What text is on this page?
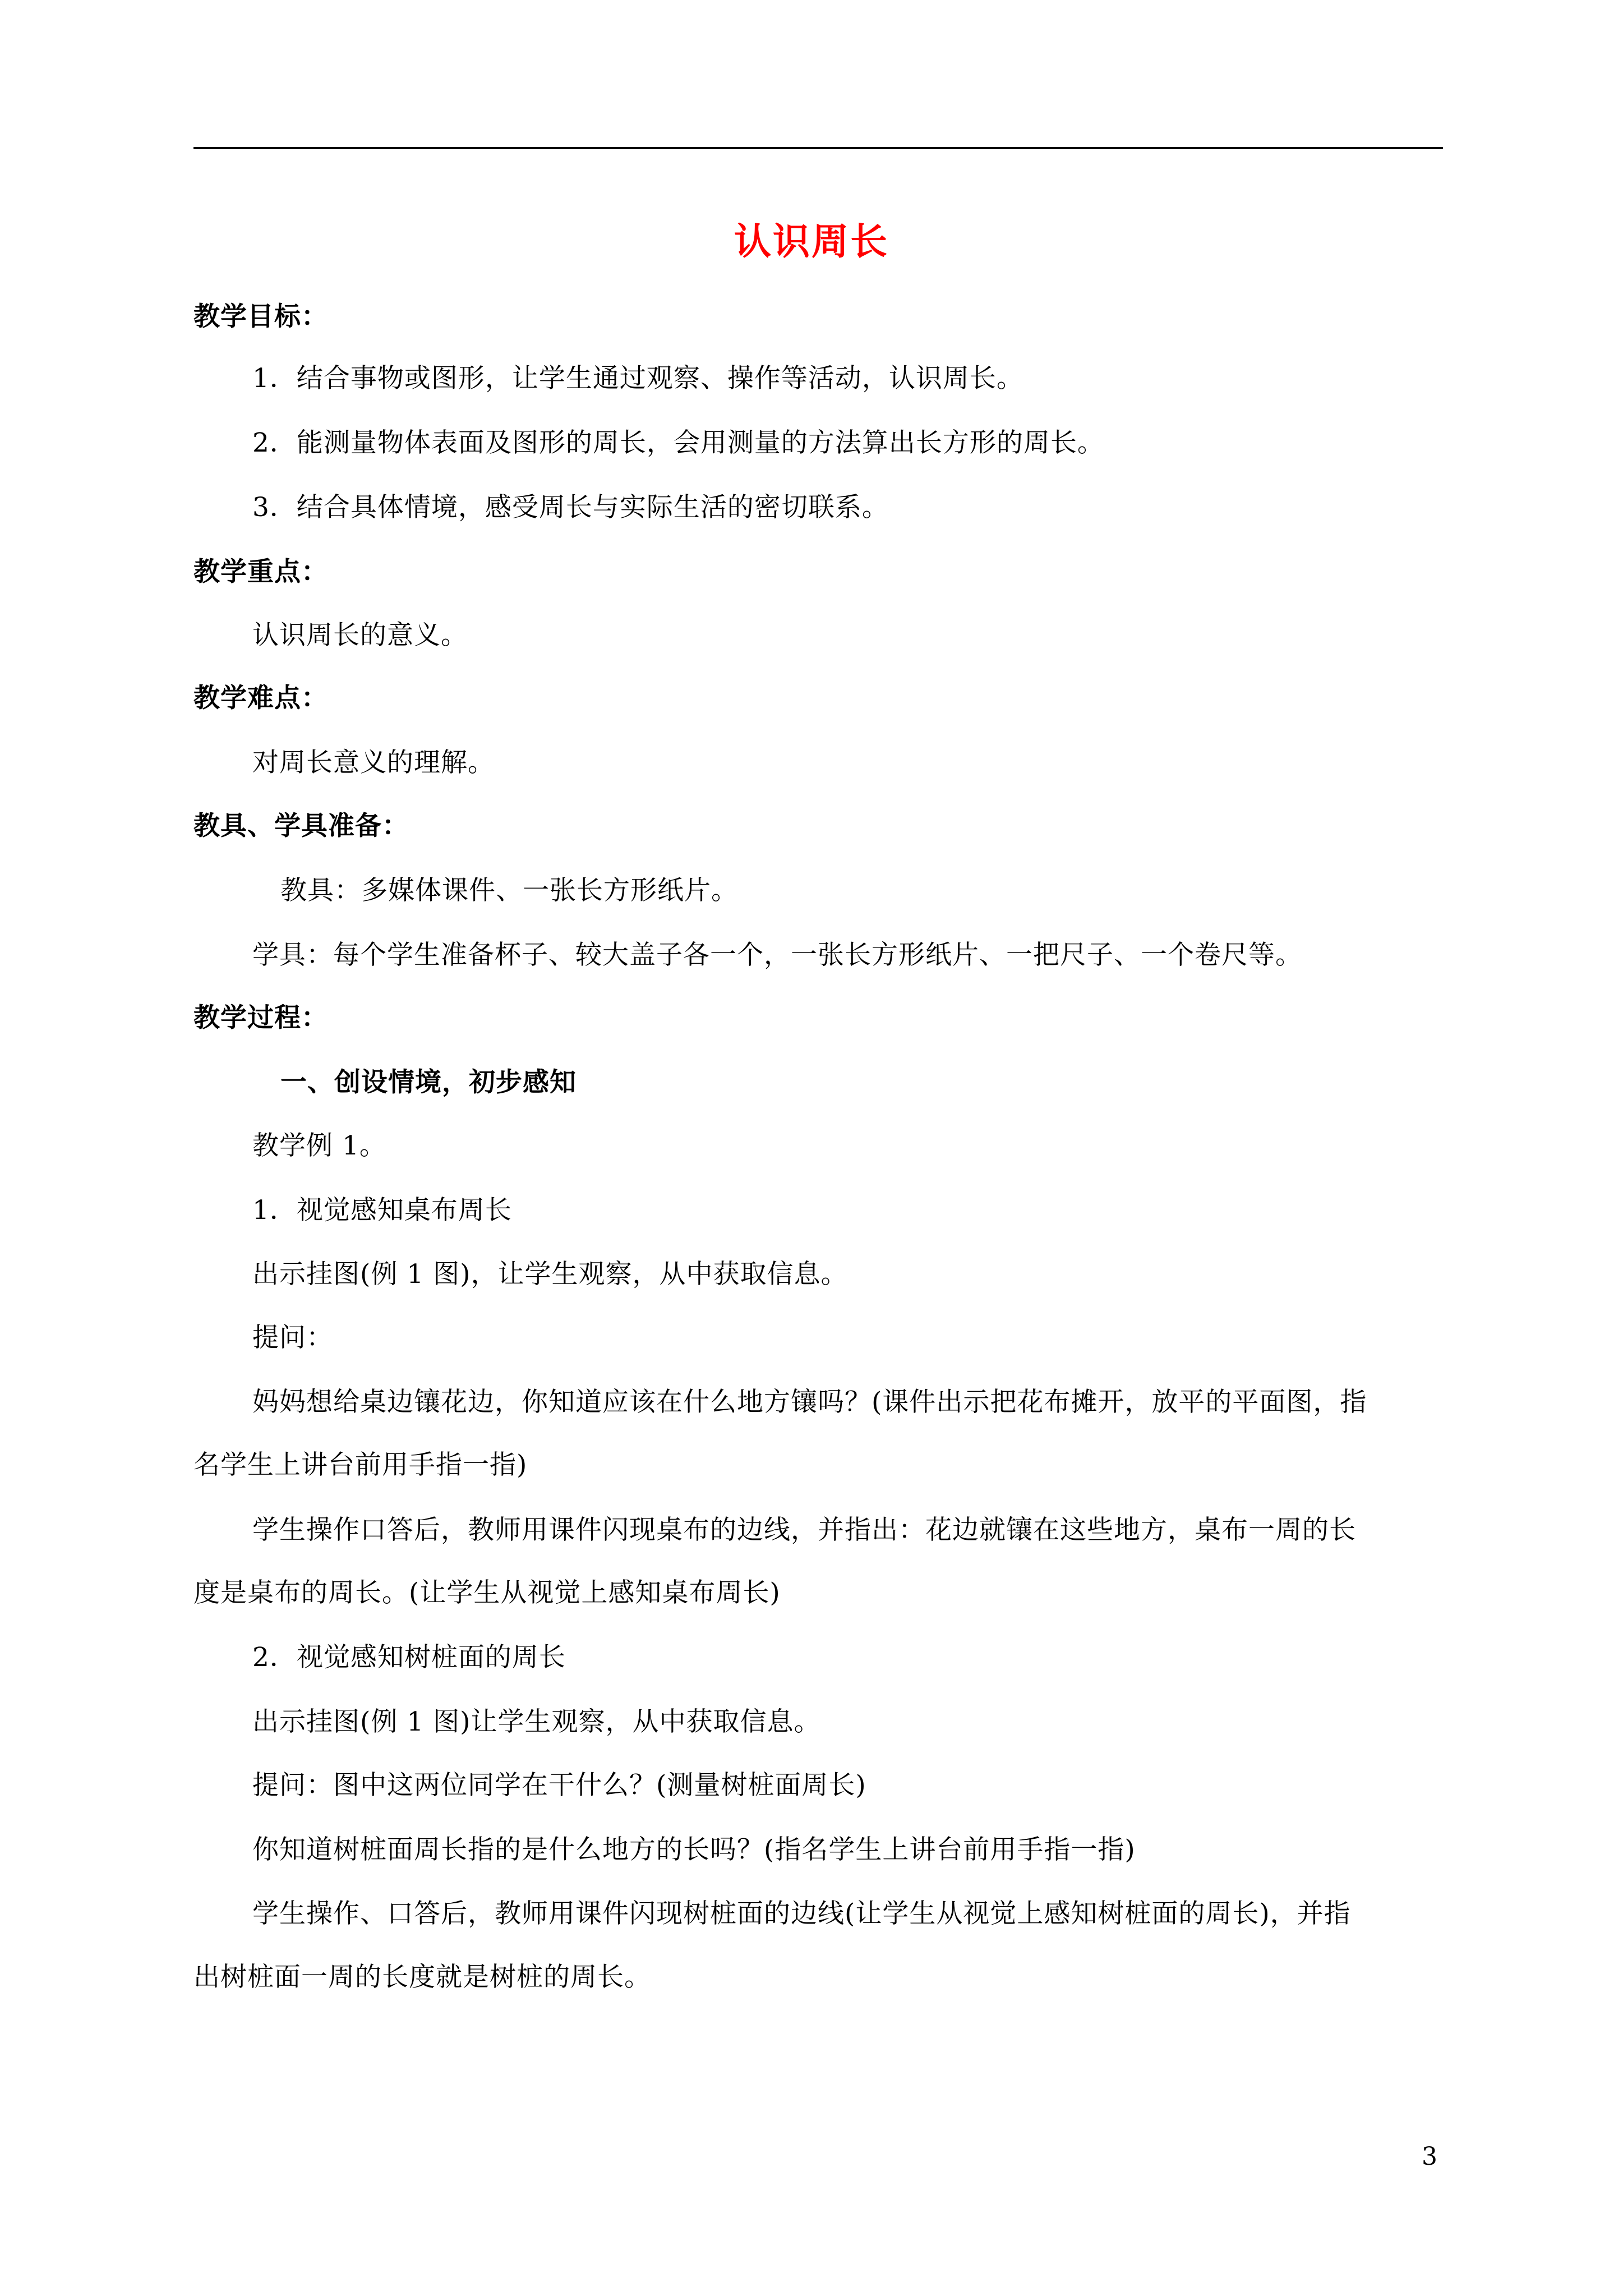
认识周长
教学目标：
1．结合事物或图形，让学生通过观察、操作等活动，认识周长。
2．能测量物体表面及图形的周长，会用测量的方法算出长方形的周长。
3．结合具体情境，感受周长与实际生活的密切联系。
教学重点：
认识周长的意义。
教学难点：
对周长意义的理解。
教具、学具准备：
教具：多媒体课件、一张长方形纸片。
学具：每个学生准备杯子、较大盖子各一个，一张长方形纸片、一把尺子、一个卷尺等。
教学过程：
一、创设情境，初步感知
教学例 1。
1．视觉感知桌布周长
出示挂图(例 1 图)，让学生观察，从中获取信息。
提问：
妈妈想给桌边镶花边，你知道应该在什么地方镶吗？(课件出示把花布摊开，放平的平面图，指
名学生上讲台前用手指一指)
学生操作口答后，教师用课件闪现桌布的边线，并指出：花边就镶在这些地方，桌布一周的长
度是桌布的周长。(让学生从视觉上感知桌布周长)
2．视觉感知树桩面的周长
出示挂图(例 1 图)让学生观察，从中获取信息。
提问：图中这两位同学在干什么？(测量树桩面周长)
你知道树桩面周长指的是什么地方的长吗？(指名学生上讲台前用手指一指)
学生操作、口答后，教师用课件闪现树桩面的边线(让学生从视觉上感知树桩面的周长)，并指
出树桩面一周的长度就是树桩的周长。
3
